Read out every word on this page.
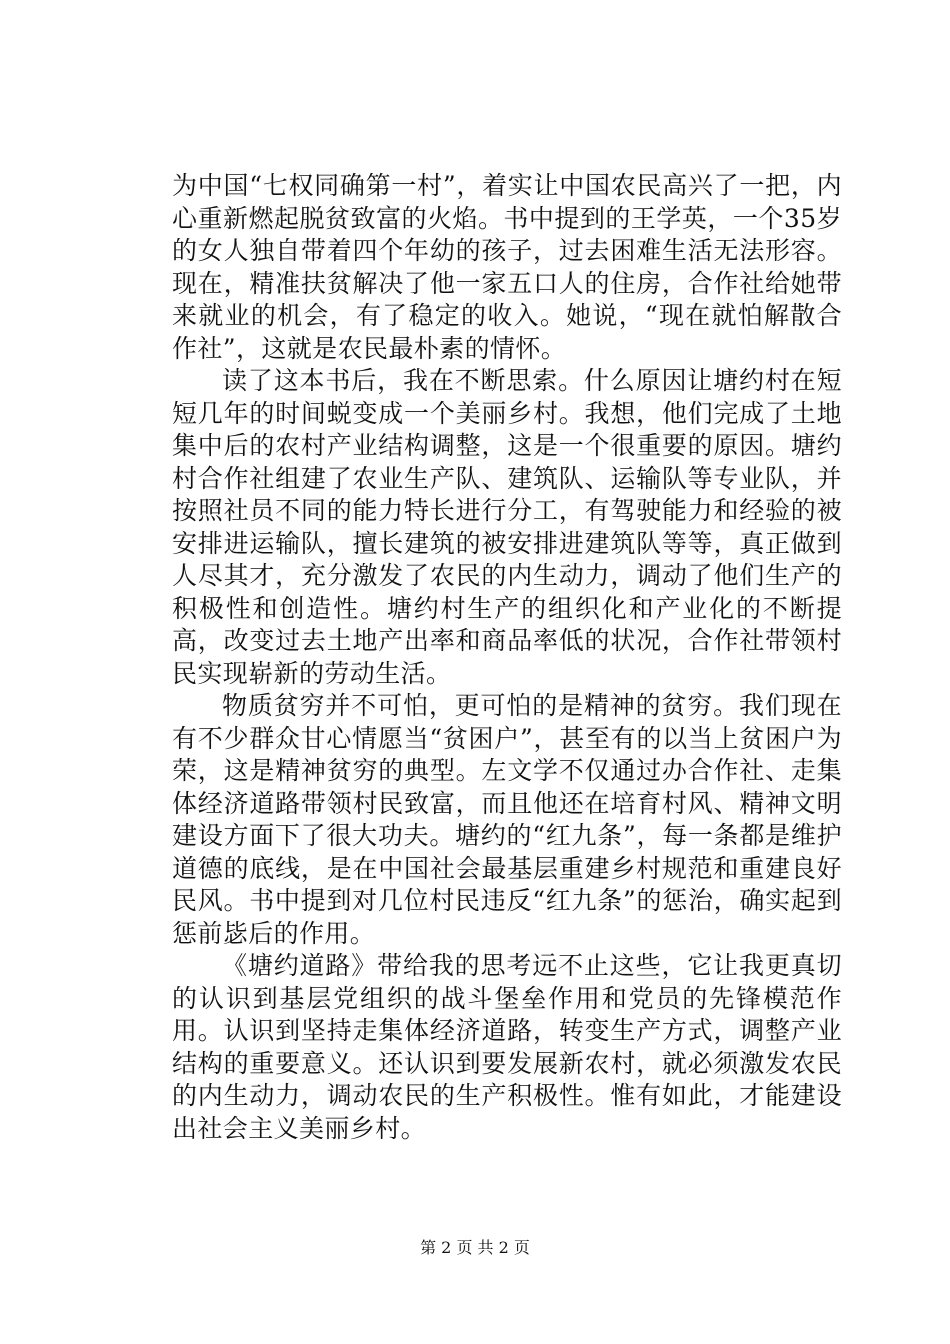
为中国“七权同确第一村”，着实让中国农民高兴了一把，内心重新燃起脱贫致富的火焰。书中提到的王学英，一个35岁的女人独自带着四个年幼的孩子，过去困难生活无法形容。现在，精准扶贫解决了他一家五口人的住房，合作社给她带来就业的机会，有了稳定的收入。她说，“现在就怕解散合作社”，这就是农民最朴素的情怀。

读了这本书后，我在不断思索。什么原因让塘约村在短短几年的时间蜕变成一个美丽乡村。我想，他们完成了土地集中后的农村产业结构调整，这是一个很重要的原因。塘约村合作社组建了农业生产队、建筑队、运输队等专业队，并按照社员不同的能力特长进行分工，有驾驶能力和经验的被安排进运输队，擅长建筑的被安排进建筑队等等，真正做到人尽其才，充分激发了农民的内生动力，调动了他们生产的积极性和创造性。塘约村生产的组织化和产业化的不断提高，改变过去土地产出率和商品率低的状况，合作社带领村民实现崭新的劳动生活。

物质贫穷并不可怕，更可怕的是精神的贫穷。我们现在有不少群众甘心情愿当“贫困户”，甚至有的以当上贫困户为荣，这是精神贫穷的典型。左文学不仅通过办合作社、走集体经济道路带领村民致富，而且他还在培育村风、精神文明建设方面下了很大功夫。塘约的“红九条”，每一条都是维护道德的底线，是在中国社会最基层重建乡村规范和重建良好民风。书中提到对几位村民违反“红九条”的惩治，确实起到惩前毖后的作用。

《塘约道路》带给我的思考远不止这些，它让我更真切的认识到基层党组织的战斗堡垒作用和党员的先锋模范作用。认识到坚持走集体经济道路，转变生产方式，调整产业结构的重要意义。还认识到要发展新农村，就必须激发农民的内生动力，调动农民的生产积极性。惟有如此，才能建设出社会主义美丽乡村。

第 2 页 共 2 页
